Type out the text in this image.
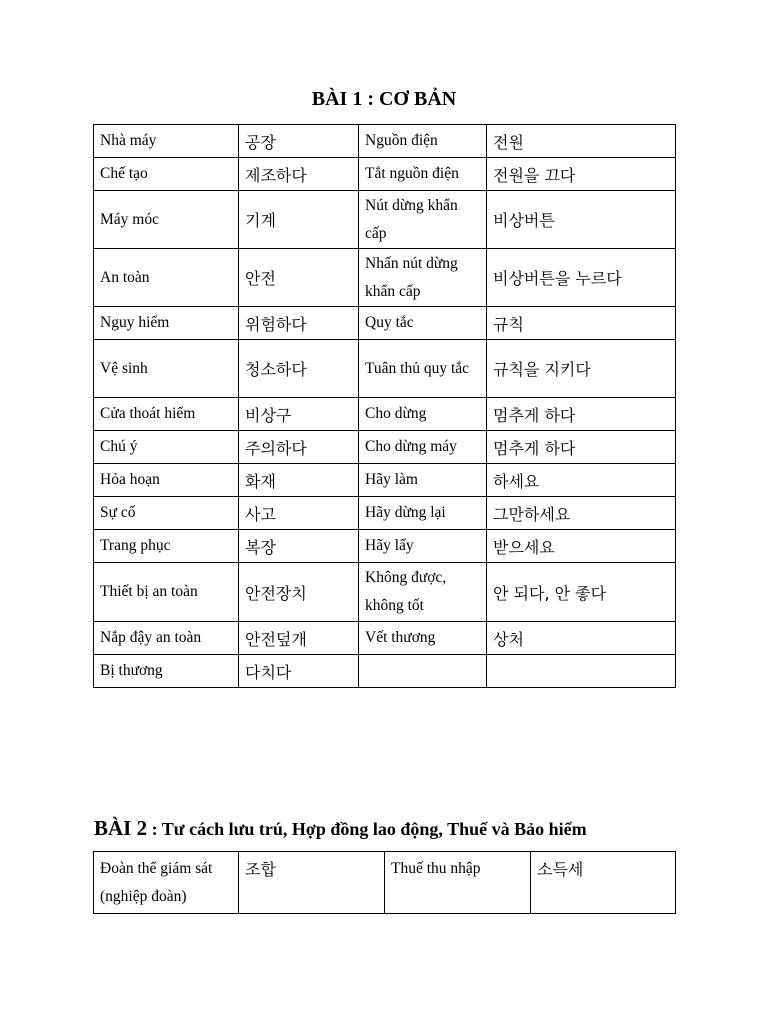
BÀI 1 : CƠ BẢN
Nhà máy	공장	Nguồn điện	전원
Chế tạo	제조하다	Tắt nguồn điện	전원을 끄다
Máy móc	기계	Nút dừng khẩn cấp	비상버튼
An toàn	안전	Nhấn nút dừng khẩn cấp	비상버튼을 누르다
Nguy hiểm	위험하다	Quy tắc	규칙
Vệ sinh	청소하다	Tuân thủ quy tắc	규칙을 지키다
Cửa thoát hiểm	비상구	Cho dừng	멈추게 하다
Chú ý	주의하다	Cho dừng máy	멈추게 하다
Hỏa hoạn	화재	Hãy làm	하세요
Sự cố	사고	Hãy dừng lại	그만하세요
Trang phục	복장	Hãy lấy	받으세요
Thiết bị an toàn	안전장치	Không được, không tốt	안 되다, 안 좋다
Nắp đậy an toàn	안전덮개	Vết thương	상처
Bị thương	다치다		
BÀI 2 : Tư cách lưu trú, Hợp đồng lao động, Thuế và Bảo hiểm
Đoàn thể giám sát (nghiệp đoàn)	조합	Thuế thu nhập	소득세
